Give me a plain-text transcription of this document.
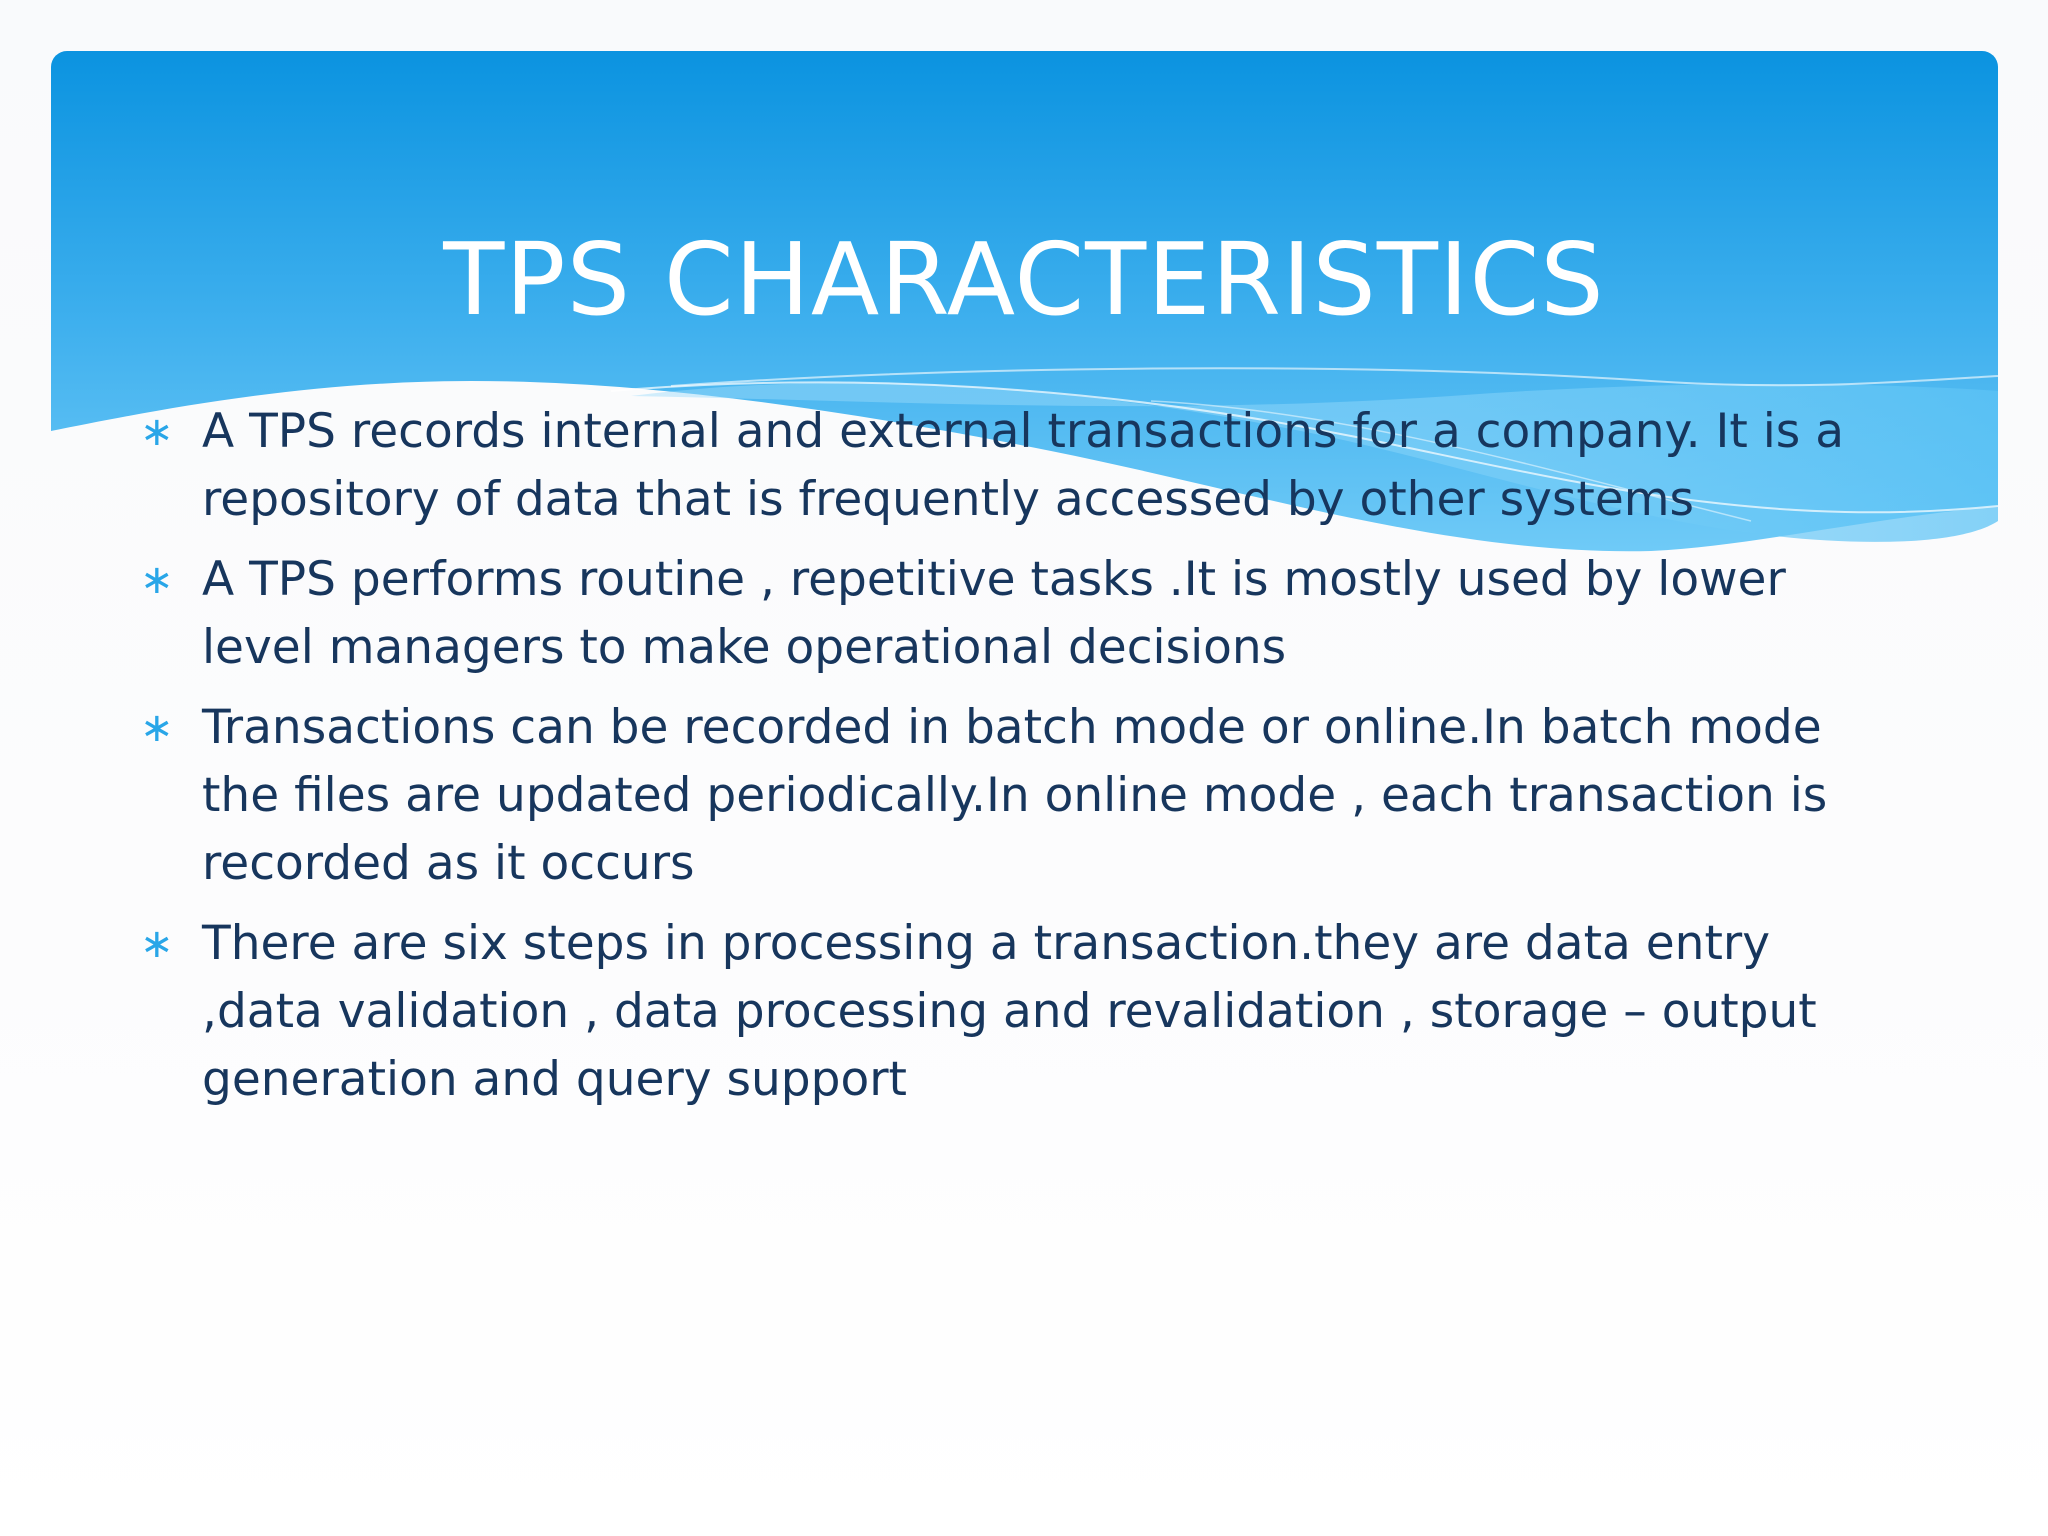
TPS CHARACTERISTICS
∗ A TPS records internal and external transactions for a company. It is a repository of data that is frequently accessed by other systems
∗ A TPS performs routine , repetitive tasks .It is mostly used by lower level managers to make operational decisions
∗ Transactions can be recorded in batch mode or online.In batch mode the files are updated periodically.In online mode , each transaction is recorded as it occurs
∗ There are six steps in processing a transaction.they are data entry ,data validation , data processing and revalidation , storage – output generation and query support
